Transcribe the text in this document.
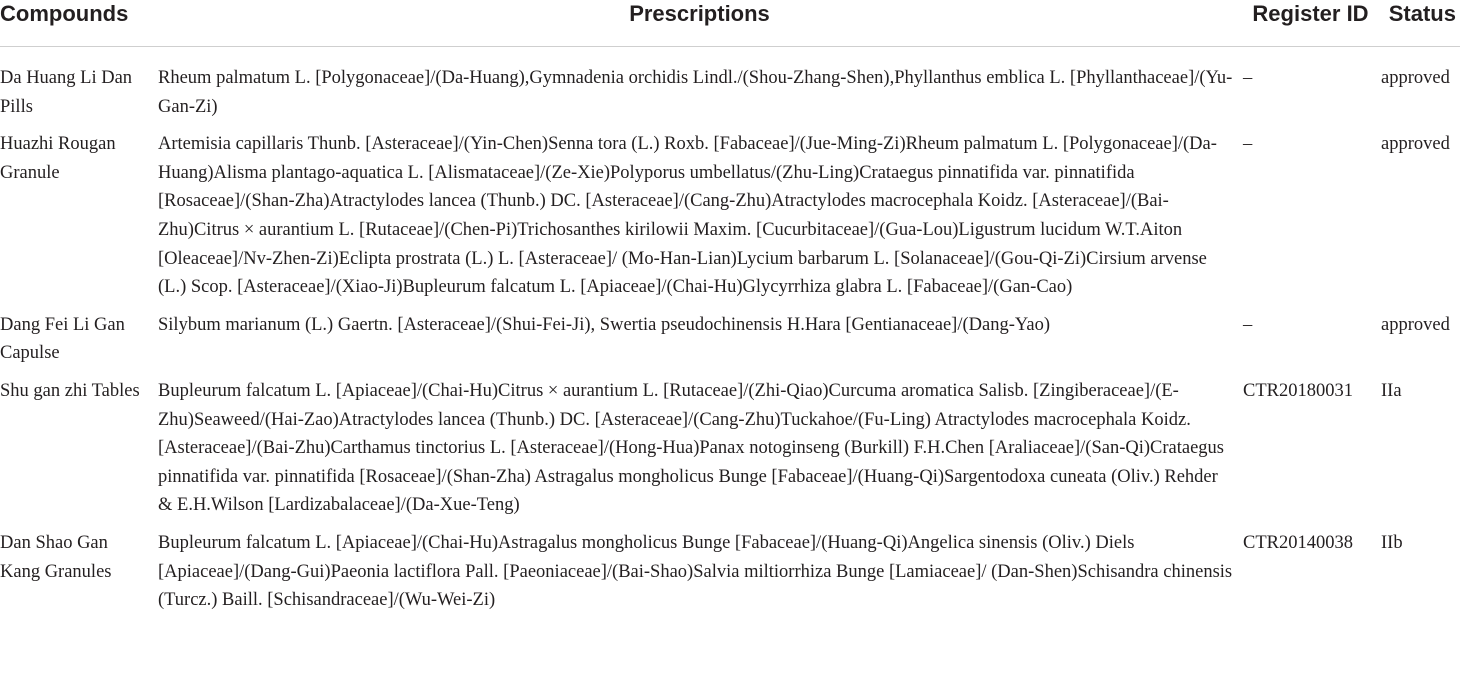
Compounds	Prescriptions	Register ID	Status
Da Huang Li Dan Pills	Rheum palmatum L. [Polygonaceae]/(Da-Huang),Gymnadenia orchidis Lindl./(Shou-Zhang-Shen),Phyllanthus emblica L. [Phyllanthaceae]/(Yu-Gan-Zi)	–	approved
Huazhi Rougan Granule	Artemisia capillaris Thunb. [Asteraceae]/(Yin-Chen)Senna tora (L.) Roxb. [Fabaceae]/(Jue-Ming-Zi)Rheum palmatum L. [Polygonaceae]/(Da-Huang)Alisma plantago-aquatica L. [Alismataceae]/(Ze-Xie)Polyporus umbellatus/(Zhu-Ling)Crataegus pinnatifida var. pinnatifida [Rosaceae]/(Shan-Zha)Atractylodes lancea (Thunb.) DC. [Asteraceae]/(Cang-Zhu)Atractylodes macrocephala Koidz. [Asteraceae]/(Bai-Zhu)Citrus × aurantium L. [Rutaceae]/(Chen-Pi)Trichosanthes kirilowii Maxim. [Cucurbitaceae]/(Gua-Lou)Ligustrum lucidum W.T.Aiton [Oleaceae]/Nv-Zhen-Zi)Eclipta prostrata (L.) L. [Asteraceae]/ (Mo-Han-Lian)Lycium barbarum L. [Solanaceae]/(Gou-Qi-Zi)Cirsium arvense (L.) Scop. [Asteraceae]/(Xiao-Ji)Bupleurum falcatum L. [Apiaceae]/(Chai-Hu)Glycyrrhiza glabra L. [Fabaceae]/(Gan-Cao)	–	approved
Dang Fei Li Gan Capulse	Silybum marianum (L.) Gaertn. [Asteraceae]/(Shui-Fei-Ji), Swertia pseudochinensis H.Hara [Gentianaceae]/(Dang-Yao)	–	approved
Shu gan zhi Tables	Bupleurum falcatum L. [Apiaceae]/(Chai-Hu)Citrus × aurantium L. [Rutaceae]/(Zhi-Qiao)Curcuma aromatica Salisb. [Zingiberaceae]/(E-Zhu)Seaweed/(Hai-Zao)Atractylodes lancea (Thunb.) DC. [Asteraceae]/(Cang-Zhu)Tuckahoe/(Fu-Ling) Atractylodes macrocephala Koidz. [Asteraceae]/(Bai-Zhu)Carthamus tinctorius L. [Asteraceae]/(Hong-Hua)Panax notoginseng (Burkill) F.H.Chen [Araliaceae]/(San-Qi)Crataegus pinnatifida var. pinnatifida [Rosaceae]/(Shan-Zha) Astragalus mongholicus Bunge [Fabaceae]/(Huang-Qi)Sargentodoxa cuneata (Oliv.) Rehder & E.H.Wilson [Lardizabalaceae]/(Da-Xue-Teng)	CTR20180031	IIa
Dan Shao Gan Kang Granules	Bupleurum falcatum L. [Apiaceae]/(Chai-Hu)Astragalus mongholicus Bunge [Fabaceae]/(Huang-Qi)Angelica sinensis (Oliv.) Diels [Apiaceae]/(Dang-Gui)Paeonia lactiflora Pall. [Paeoniaceae]/(Bai-Shao)Salvia miltiorrhiza Bunge [Lamiaceae]/ (Dan-Shen)Schisandra chinensis (Turcz.) Baill. [Schisandraceae]/(Wu-Wei-Zi)	CTR20140038	IIb
